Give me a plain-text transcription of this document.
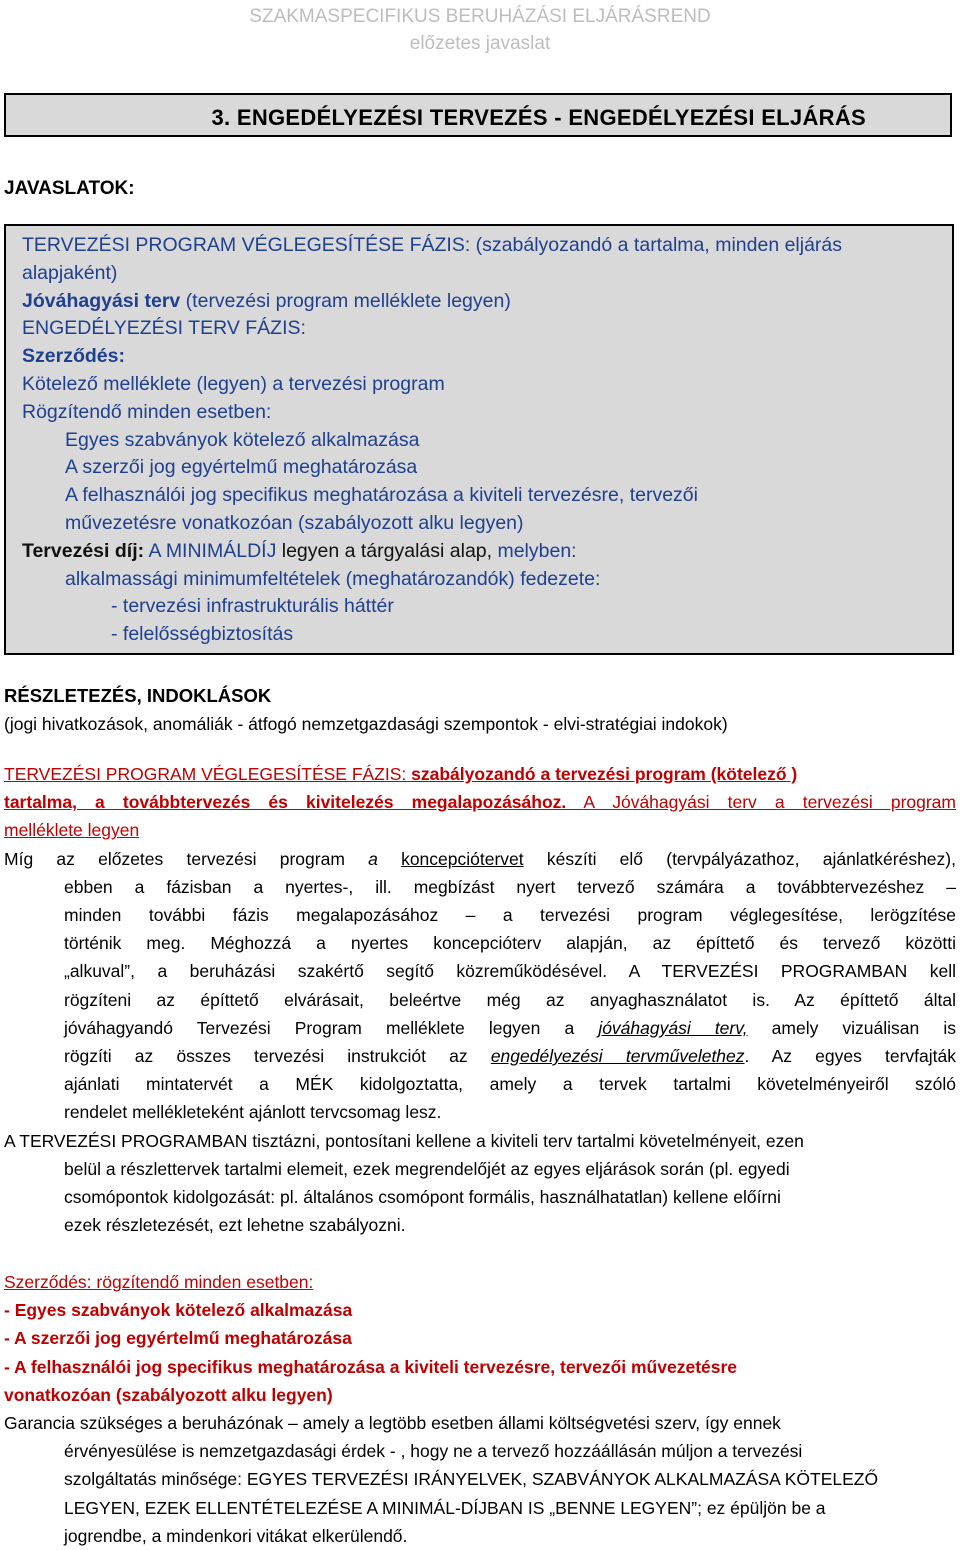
SZAKMASPECIFIKUS BERUHÁZÁSI ELJÁRÁSREND
előzetes javaslat
3. ENGEDÉLYEZÉSI TERVEZÉS - ENGEDÉLYEZÉSI ELJÁRÁS
JAVASLATOK:
TERVEZÉSI PROGRAM VÉGLEGESÍTÉSE FÁZIS: (szabályozandó a tartalma, minden eljárás
alapjaként)
Jóváhagyási terv (tervezési program melléklete legyen)
ENGEDÉLYEZÉSI TERV FÁZIS:
Szerződés:
Kötelező melléklete (legyen) a tervezési program
Rögzítendő minden esetben:
Egyes szabványok kötelező alkalmazása
A szerzői jog egyértelmű meghatározása
A felhasználói jog specifikus meghatározása a kiviteli tervezésre, tervezői
művezetésre vonatkozóan (szabályozott alku legyen)
Tervezési díj: A MINIMÁLDÍJ legyen a tárgyalási alap, melyben:
alkalmassági minimumfeltételek (meghatározandók) fedezete:
- tervezési infrastrukturális háttér
- felelősségbiztosítás
RÉSZLETEZÉS, INDOKLÁSOK
(jogi hivatkozások, anomáliák - átfogó nemzetgazdasági szempontok - elvi-stratégiai indokok)
TERVEZÉSI PROGRAM VÉGLEGESÍTÉSE FÁZIS: szabályozandó a tervezési program (kötelező )
tartalma, a továbbtervezés és kivitelezés megalapozásához. A Jóváhagyási terv a tervezési program
melléklete legyen
Míg az előzetes tervezési program a koncepciótervet készíti elő (tervpályázathoz, ajánlatkéréshez),
ebben a fázisban a nyertes-, ill. megbízást nyert tervező számára a továbbtervezéshez –
minden további fázis megalapozásához – a tervezési program véglegesítése, lerögzítése
történik meg. Méghozzá a nyertes koncepcióterv alapján, az építtető és tervező közötti
„alkuval”, a beruházási szakértő segítő közreműködésével. A TERVEZÉSI PROGRAMBAN kell
rögzíteni az építtető elvárásait, beleértve még az anyaghasználatot is. Az építtető által
jóváhagyandó Tervezési Program melléklete legyen a jóváhagyási terv, amely vizuálisan is
rögzíti az összes tervezési instrukciót az engedélyezési tervművelethez. Az egyes tervfajták
ajánlati mintatervét a MÉK kidolgoztatta, amely a tervek tartalmi követelményeiről szóló
rendelet mellékleteként ajánlott tervcsomag lesz.
A TERVEZÉSI PROGRAMBAN tisztázni, pontosítani kellene a kiviteli terv tartalmi követelményeit, ezen
belül a részlettervek tartalmi elemeit, ezek megrendelőjét az egyes eljárások során (pl. egyedi
csomópontok kidolgozását: pl. általános csomópont formális, használhatatlan) kellene előírni
ezek részletezését, ezt lehetne szabályozni.
Szerződés: rögzítendő minden esetben:
- Egyes szabványok kötelező alkalmazása
- A szerzői jog egyértelmű meghatározása
- A felhasználói jog specifikus meghatározása a kiviteli tervezésre, tervezői művezetésre
vonatkozóan (szabályozott alku legyen)
Garancia szükséges a beruházónak – amely a legtöbb esetben állami költségvetési szerv, így ennek
érvényesülése is nemzetgazdasági érdek - , hogy ne a tervező hozzáállásán múljon a tervezési
szolgáltatás minősége: EGYES TERVEZÉSI IRÁNYELVEK, SZABVÁNYOK ALKALMAZÁSA KÖTELEZŐ
LEGYEN, EZEK ELLENTÉTELEZÉSE A MINIMÁL-DÍJBAN IS „BENNE LEGYEN”; ez épüljön be a
jogrendbe, a mindenkori vitákat elkerülendő.
